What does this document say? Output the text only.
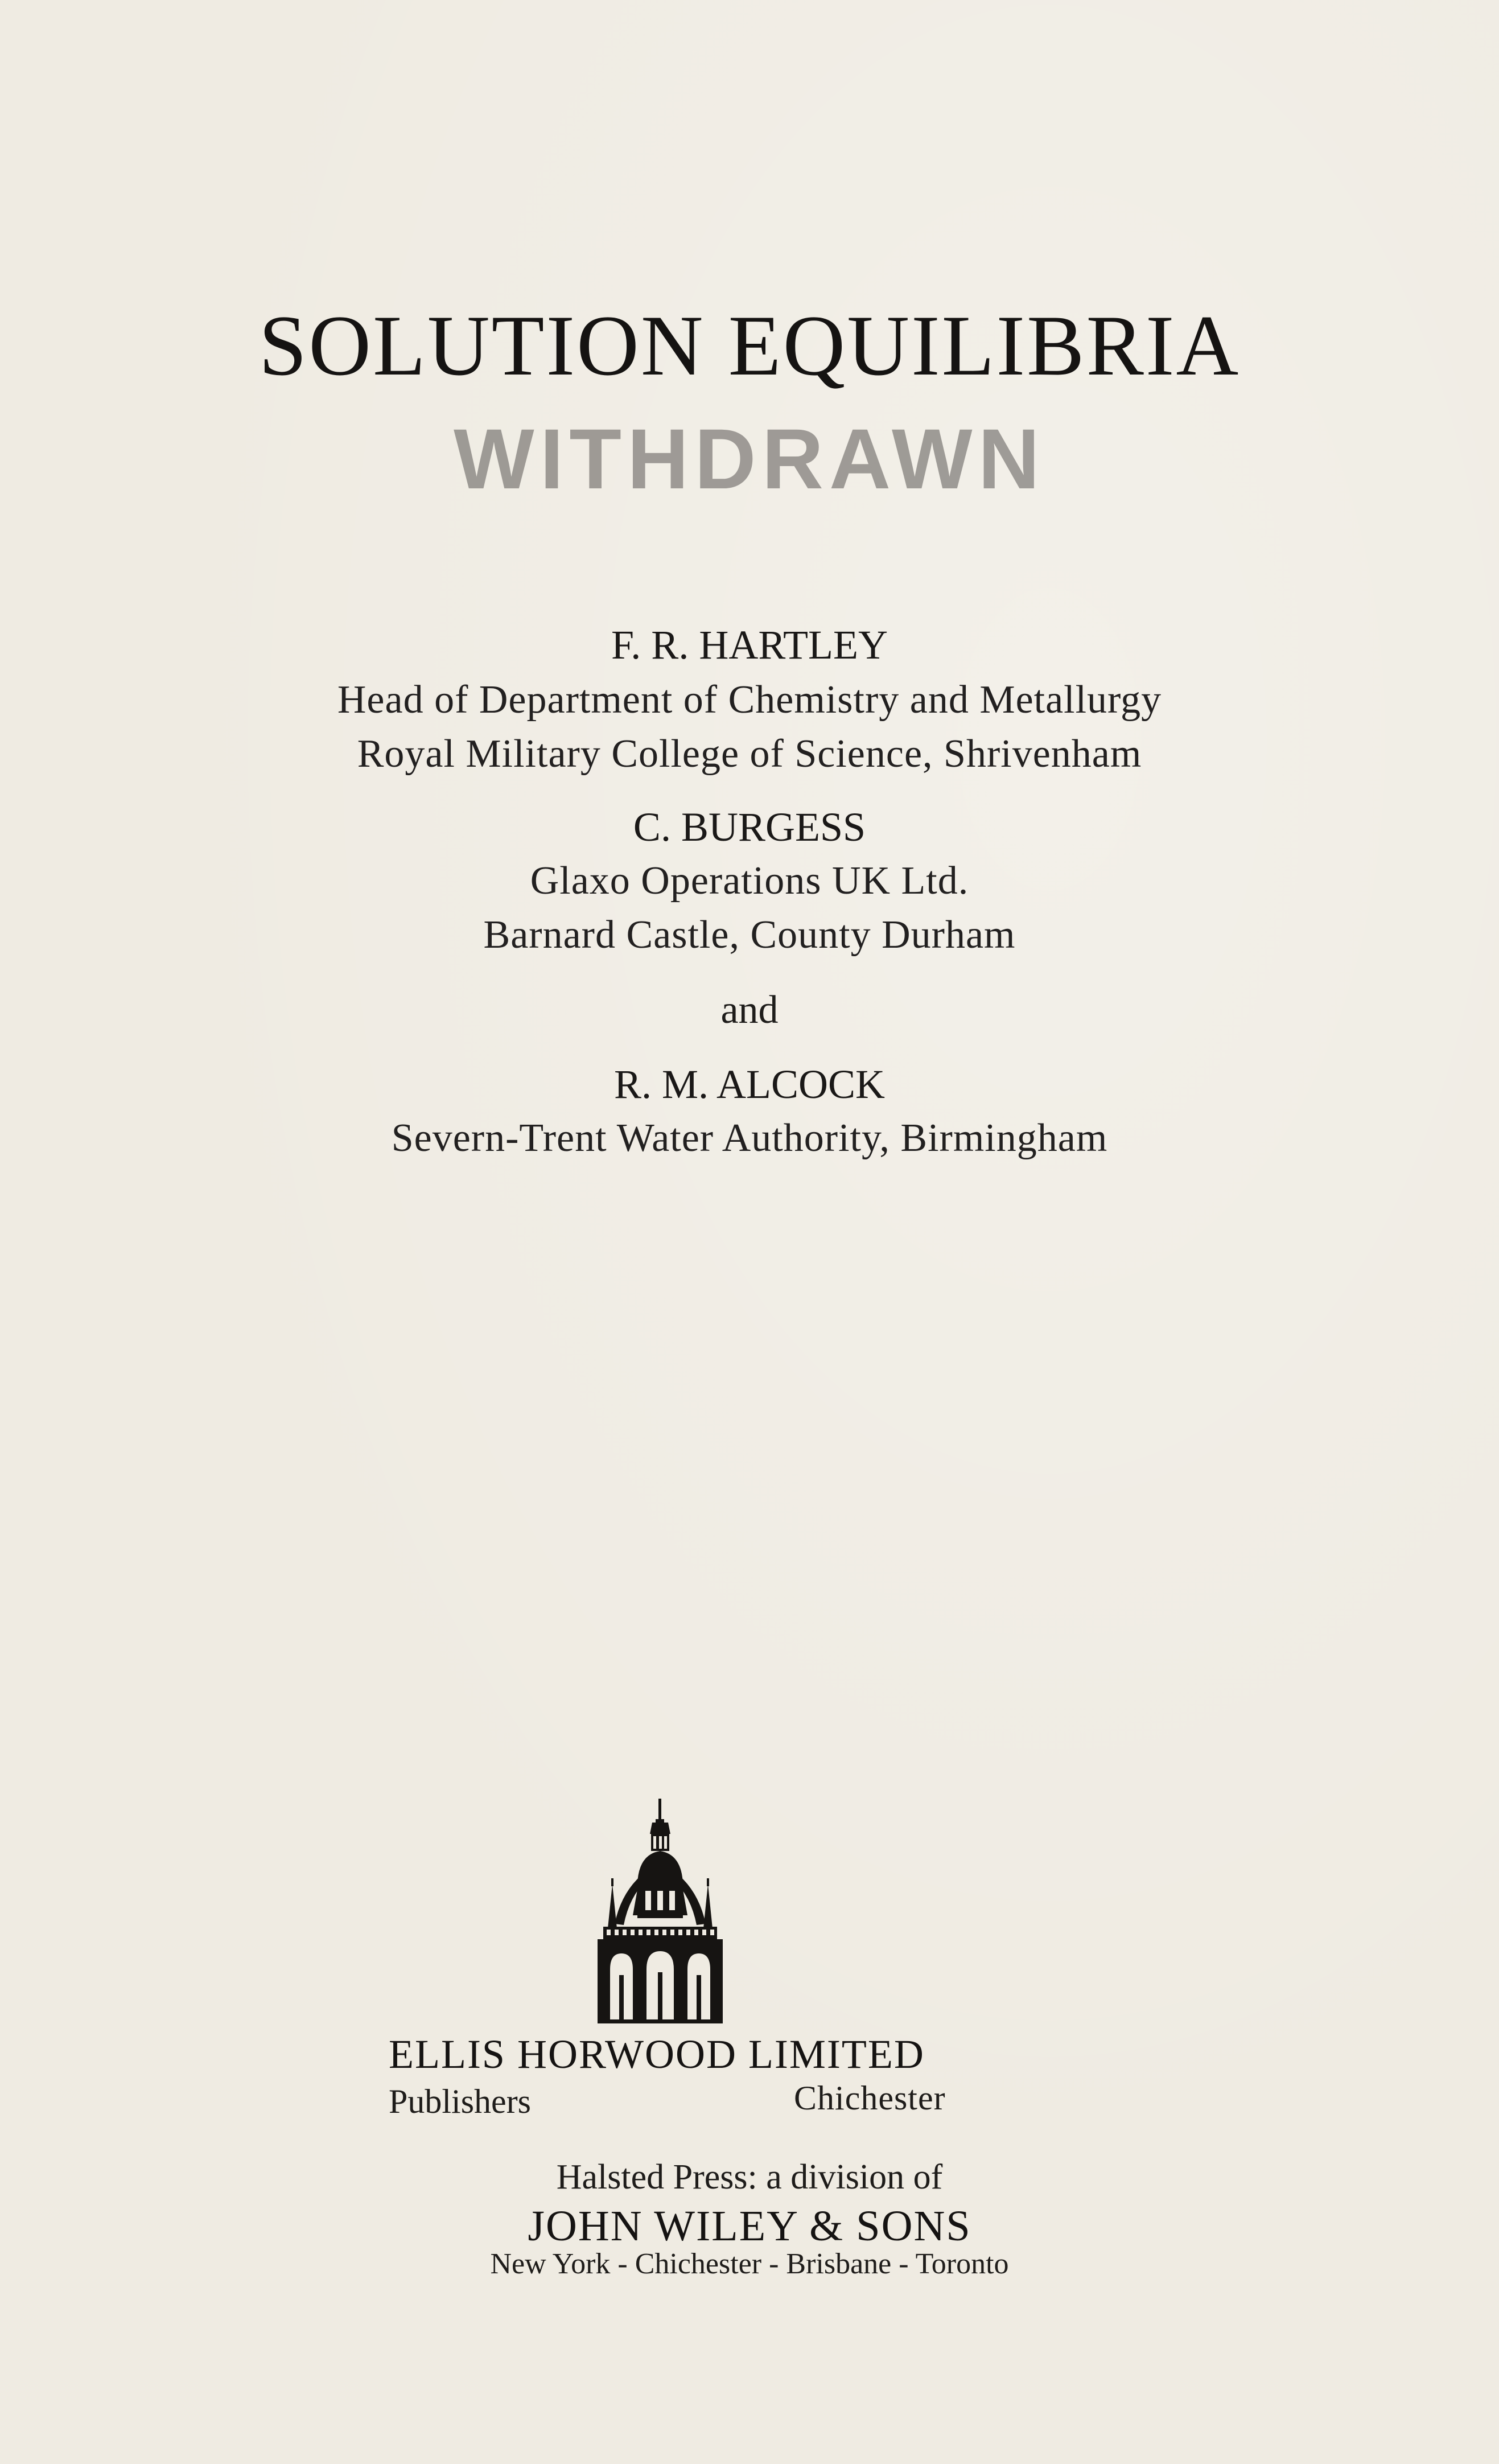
SOLUTION EQUILIBRIA
WITHDRAWN
F. R. HARTLEY
Head of Department of Chemistry and Metallurgy
Royal Military College of Science, Shrivenham
C. BURGESS
Glaxo Operations UK Ltd.
Barnard Castle, County Durham
and
R. M. ALCOCK
Severn-Trent Water Authority, Birmingham
ELLIS HORWOOD LIMITED
Publishers	Chichester
Halsted Press: a division of
JOHN WILEY & SONS
New York - Chichester - Brisbane - Toronto
